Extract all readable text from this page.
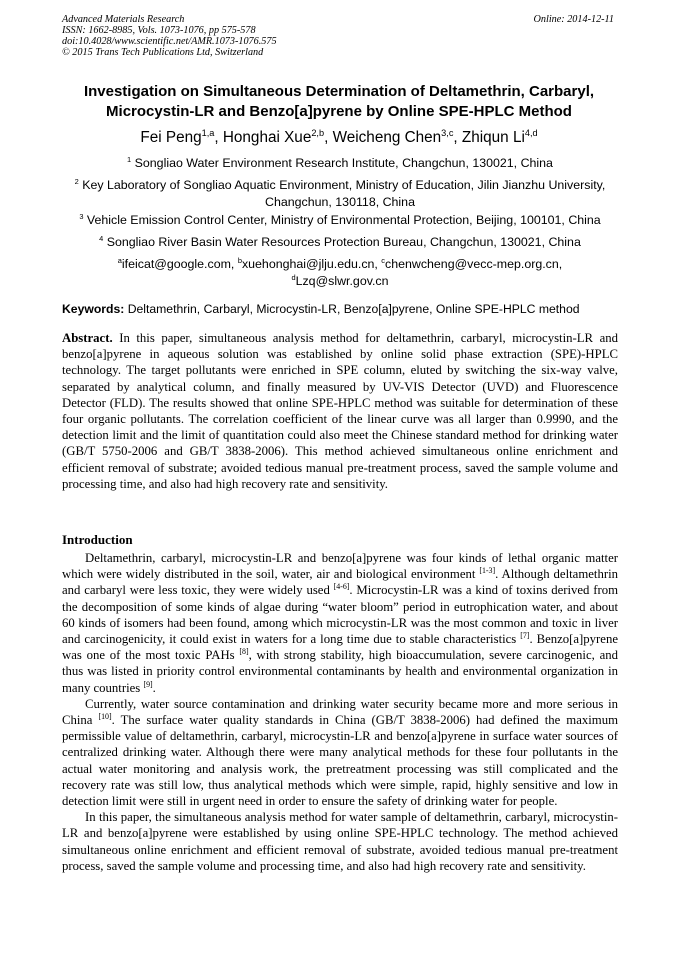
Advanced Materials Research
ISSN: 1662-8985, Vols. 1073-1076, pp 575-578
doi:10.4028/www.scientific.net/AMR.1073-1076.575
© 2015 Trans Tech Publications Ltd, Switzerland
Online: 2014-12-11
Investigation on Simultaneous Determination of Deltamethrin, Carbaryl,
Microcystin-LR and Benzo[a]pyrene by Online SPE-HPLC Method
Fei Peng$^{1,a}$, Honghai Xue$^{2,b}$, Weicheng Chen$^{3,c}$, Zhiqun Li$^{4,d}$
$^1$ Songliao Water Environment Research Institute, Changchun, 130021, China
$^2$ Key Laboratory of Songliao Aquatic Environment, Ministry of Education, Jilin Jianzhu University, Changchun, 130118, China
$^3$ Vehicle Emission Control Center, Ministry of Environmental Protection, Beijing, 100101, China
$^4$ Songliao River Basin Water Resources Protection Bureau, Changchun, 130021, China
$^a$ifeicat@google.com, $^b$xuehonghai@jlju.edu.cn, $^c$chenwcheng@vecc-mep.org.cn,
$^d$Lzq@slwr.gov.cn
Keywords: Deltamethrin, Carbaryl, Microcystin-LR, Benzo[a]pyrene, Online SPE-HPLC method
Abstract. In this paper, simultaneous analysis method for deltamethrin, carbaryl, microcystin-LR and benzo[a]pyrene in aqueous solution was established by online solid phase extraction (SPE)-HPLC technology. The target pollutants were enriched in SPE column, eluted by switching the six-way valve, separated by analytical column, and finally measured by UV-VIS Detector (UVD) and Fluorescence Detector (FLD). The results showed that online SPE-HPLC method was suitable for determination of these four organic pollutants. The correlation coefficient of the linear curve was all larger than 0.9990, and the detection limit and the limit of quantitation could also meet the Chinese standard method for drinking water (GB/T 5750-2006 and GB/T 3838-2006). This method achieved simultaneous online enrichment and efficient removal of substrate; avoided tedious manual pre-treatment process, saved the sample volume and processing time, and also had high recovery rate and sensitivity.
Introduction

Deltamethrin, carbaryl, microcystin-LR and benzo[a]pyrene was four kinds of lethal organic matter which were widely distributed in the soil, water, air and biological environment [1-3]. Although deltamethrin and carbaryl were less toxic, they were widely used [4-6]. Microcystin-LR was a kind of toxins derived from the decomposition of some kinds of algae during “water bloom” period in eutrophication water, and about 60 kinds of isomers had been found, among which microcystin-LR was the most common and toxic in liver and carcinogenicity, it could exist in waters for a long time due to stable characteristics [7]. Benzo[a]pyrene was one of the most toxic PAHs [8], with strong stability, high bioaccumulation, severe carcinogenic, and thus was listed in priority control environmental contaminants by health and environmental organization in many countries [9].

Currently, water source contamination and drinking water security became more and more serious in China [10]. The surface water quality standards in China (GB/T 3838-2006) had defined the maximum permissible value of deltamethrin, carbaryl, microcystin-LR and benzo[a]pyrene in surface water sources of centralized drinking water. Although there were many analytical methods for these four pollutants in the actual water monitoring and analysis work, the pretreatment processing was still complicated and the recovery rate was still low, thus analytical methods which were simple, rapid, highly sensitive and low in detection limit were still in urgent need in order to ensure the safety of drinking water for people.

In this paper, the simultaneous analysis method for water sample of deltamethrin, carbaryl, microcystin-LR and benzo[a]pyrene were established by using online SPE-HPLC technology. The method achieved simultaneous online enrichment and efficient removal of substrate, avoided tedious manual pre-treatment process, saved the sample volume and processing time, and also had high recovery rate and sensitivity.
